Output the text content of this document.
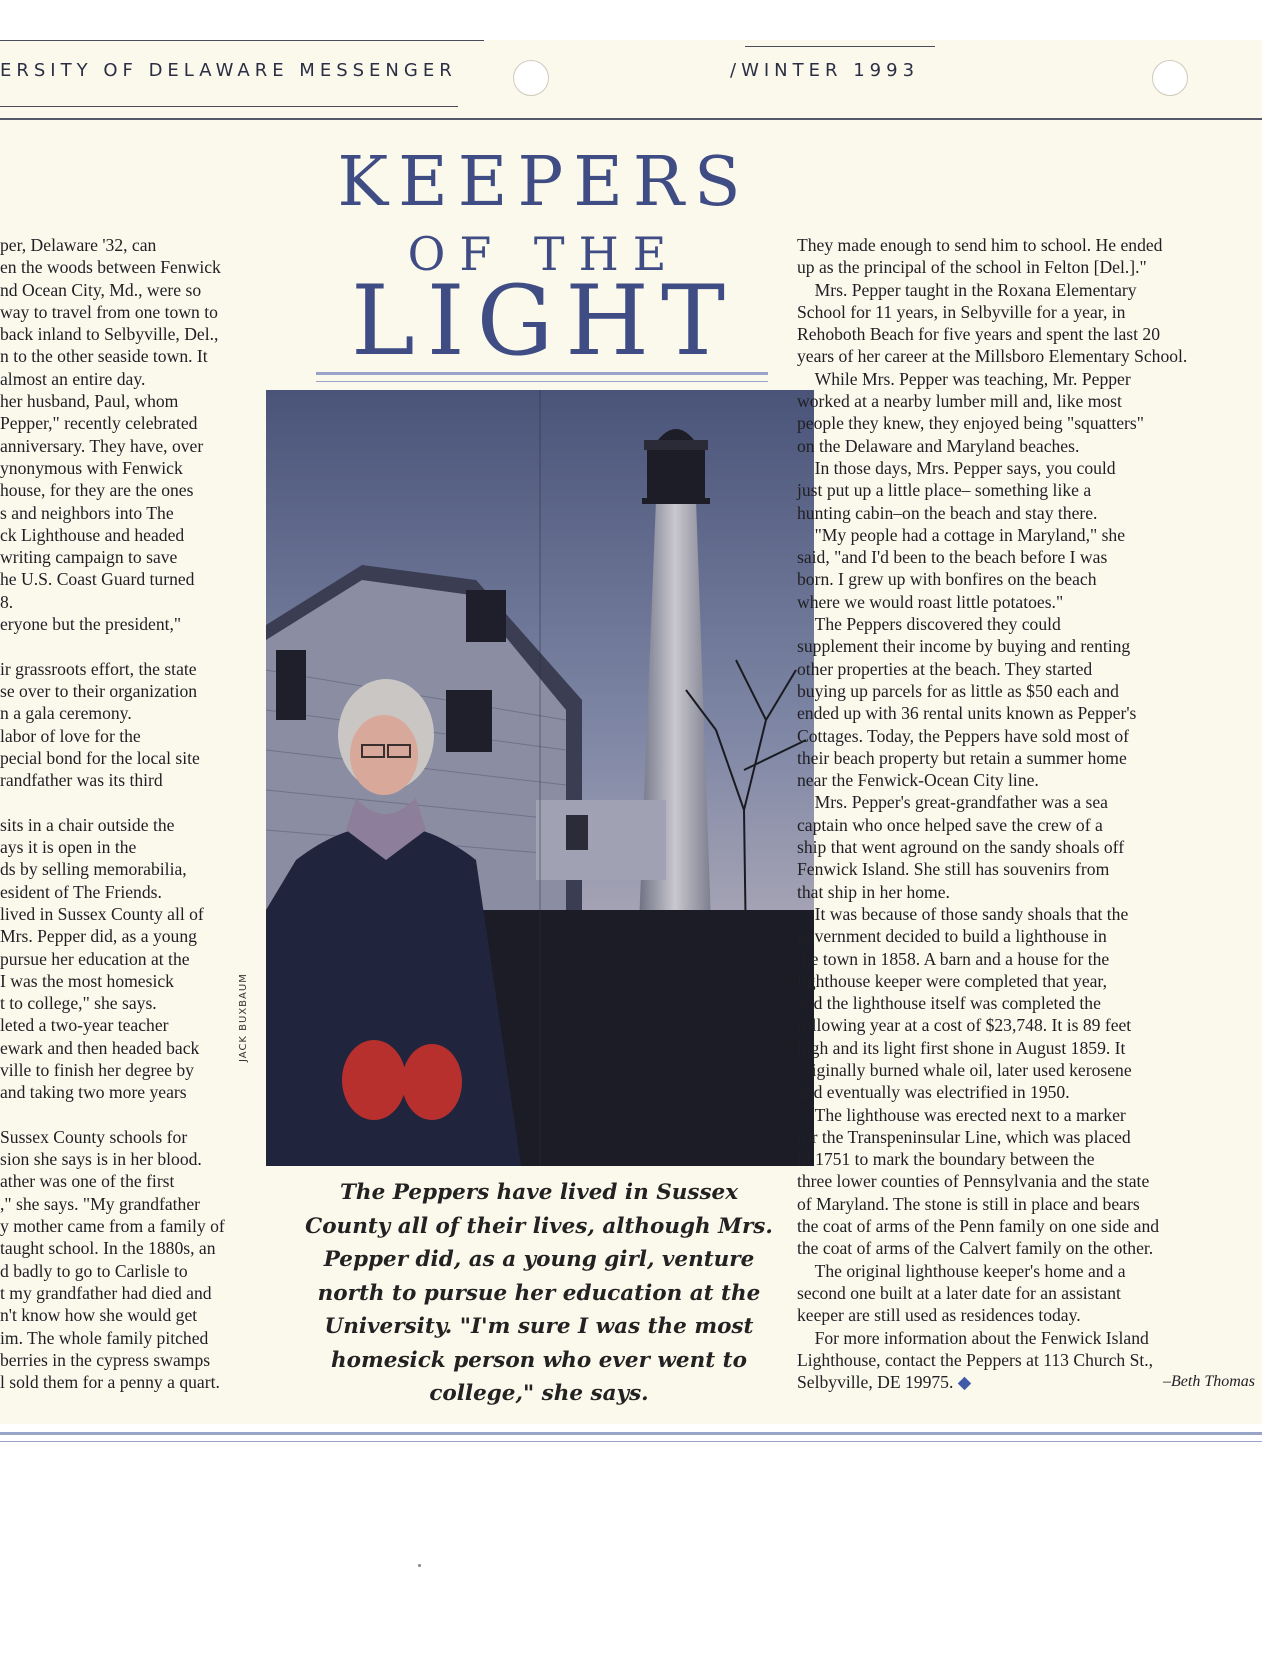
ERSITY OF DELAWARE MESSENGER	/WINTER 1993
KEEPERS
OF THE
LIGHT
per, Delaware '32, can
en the woods between Fenwick
nd Ocean City, Md., were so
way to travel from one town to
back inland to Selbyville, Del.,
n to the other seaside town. It
almost an entire day.
her husband, Paul, whom
Pepper," recently celebrated
anniversary. They have, over
ynonymous with Fenwick
house, for they are the ones
s and neighbors into The
ck Lighthouse and headed
writing campaign to save
he U.S. Coast Guard turned
8.
eryone but the president,"

ir grassroots effort, the state
se over to their organization
n a gala ceremony.
labor of love for the
pecial bond for the local site
randfather was its third

sits in a chair outside the
ays it is open in the
ds by selling memorabilia,
esident of The Friends.
lived in Sussex County all of
Mrs. Pepper did, as a young
pursue her education at the
I was the most homesick
t to college," she says.
leted a two-year teacher
ewark and then headed back
ville to finish her degree by
and taking two more years

Sussex County schools for
sion she says is in her blood.
ather was one of the first
," she says. "My grandfather
y mother came from a family of
taught school. In the 1880s, an
d badly to go to Carlisle to
t my grandfather had died and
n't know how she would get
im. The whole family pitched
berries in the cypress swamps
l sold them for a penny a quart.
JACK BUXBAUM
The Peppers have lived in Sussex County all of their lives, although Mrs. Pepper did, as a young girl, venture north to pursue her education at the University. "I'm sure I was the most homesick person who ever went to college," she says.
They made enough to send him to school. He ended
up as the principal of the school in Felton [Del.]."
Mrs. Pepper taught in the Roxana Elementary
School for 11 years, in Selbyville for a year, in
Rehoboth Beach for five years and spent the last 20
years of her career at the Millsboro Elementary School.
While Mrs. Pepper was teaching, Mr. Pepper
worked at a nearby lumber mill and, like most
people they knew, they enjoyed being "squatters"
on the Delaware and Maryland beaches.
In those days, Mrs. Pepper says, you could
just put up a little place– something like a
hunting cabin–on the beach and stay there.
"My people had a cottage in Maryland," she
said, "and I'd been to the beach before I was
born. I grew up with bonfires on the beach
where we would roast little potatoes."
The Peppers discovered they could
supplement their income by buying and renting
other properties at the beach. They started
buying up parcels for as little as $50 each and
ended up with 36 rental units known as Pepper's
Cottages. Today, the Peppers have sold most of
their beach property but retain a summer home
near the Fenwick-Ocean City line.
Mrs. Pepper's great-grandfather was a sea
captain who once helped save the crew of a
ship that went aground on the sandy shoals off
Fenwick Island. She still has souvenirs from
that ship in her home.
It was because of those sandy shoals that the
government decided to build a lighthouse in
the town in 1858. A barn and a house for the
lighthouse keeper were completed that year,
and the lighthouse itself was completed the
following year at a cost of $23,748. It is 89 feet
high and its light first shone in August 1859. It
originally burned whale oil, later used kerosene
and eventually was electrified in 1950.
The lighthouse was erected next to a marker
for the Transpeninsular Line, which was placed
in 1751 to mark the boundary between the
three lower counties of Pennsylvania and the state
of Maryland. The stone is still in place and bears
the coat of arms of the Penn family on one side and
the coat of arms of the Calvert family on the other.
The original lighthouse keeper's home and a
second one built at a later date for an assistant
keeper are still used as residences today.
For more information about the Fenwick Island
Lighthouse, contact the Peppers at 113 Church St.,
Selbyville, DE 19975. ◆	–Beth Thomas
